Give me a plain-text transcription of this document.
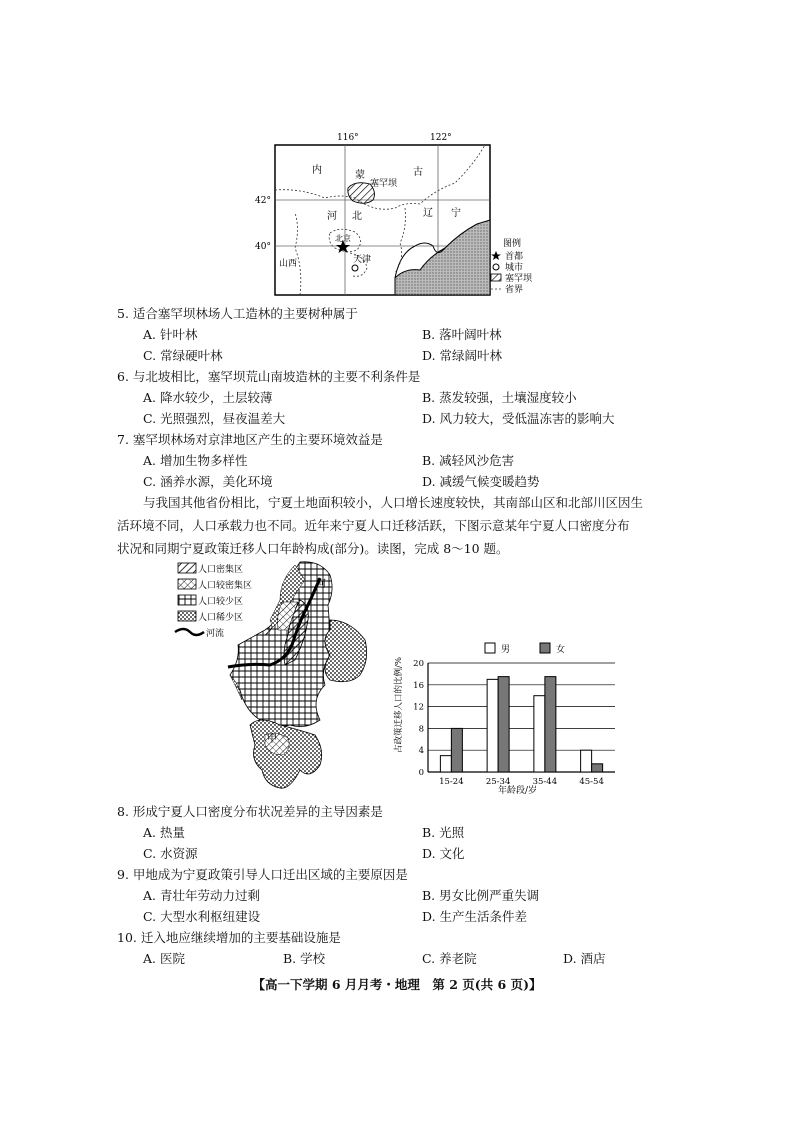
116°	122°
42°
40°
内	蒙	古
河 北	辽 宁
山西
塞罕坝
北京
天津
图例
首都
城市
塞罕坝
省界
5. 适合塞罕坝林场人工造林的主要树种属于
A. 针叶林	B. 落叶阔叶林
C. 常绿硬叶林	D. 常绿阔叶林
6. 与北坡相比，塞罕坝荒山南坡造林的主要不利条件是
A. 降水较少，土层较薄	B. 蒸发较强，土壤湿度较小
C. 光照强烈，昼夜温差大	D. 风力较大，受低温冻害的影响大
7. 塞罕坝林场对京津地区产生的主要环境效益是
A. 增加生物多样性	B. 减轻风沙危害
C. 涵养水源，美化环境	D. 减缓气候变暖趋势
与我国其他省份相比，宁夏土地面积较小，人口增长速度较快，其南部山区和北部川区因生
活环境不同，人口承载力也不同。近年来宁夏人口迁移活跃，下图示意某年宁夏人口密度分布
状况和同期宁夏政策迁移人口年龄构成(部分)。读图，完成 8～10 题。
河
甲
人口密集区
人口较密集区
人口较少区
人口稀少区
河流
0
4
8
12
16
20
15-24	25-34	35-44	45-54
男	女
占政策迁移人口的比例/%
年龄段/岁
8. 形成宁夏人口密度分布状况差异的主导因素是
A. 热量	B. 光照
C. 水资源	D. 文化
9. 甲地成为宁夏政策引导人口迁出区域的主要原因是
A. 青壮年劳动力过剩	B. 男女比例严重失调
C. 大型水利枢纽建设	D. 生产生活条件差
10. 迁入地应继续增加的主要基础设施是
A. 医院	B. 学校	C. 养老院	D. 酒店
【高一下学期 6 月月考・地理　第 2 页(共 6 页)】
